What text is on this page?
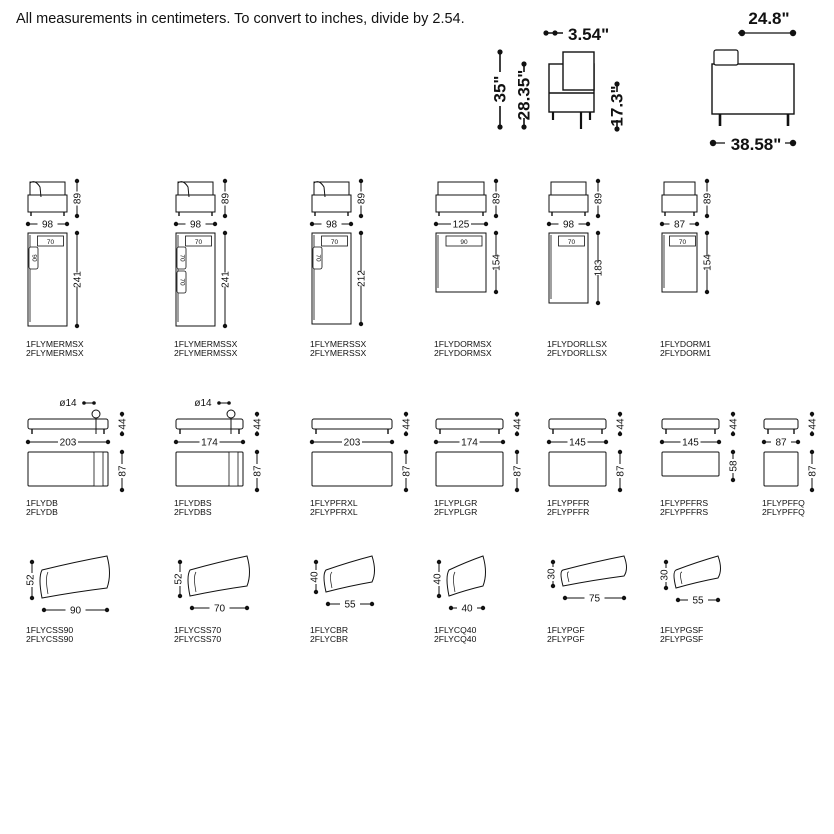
All measurements in centimeters. To convert to inches, divide by 2.54.
3.54"
35" 28.35"	17.3"
24.8"
38.58"
89
98
70
90
241
1FLYMERMSX
2FLYMERMSX
89
98
70
70
70	241
1FLYMERMSSX
2FLYMERMSSX
89
98
70
70
212
1FLYMERSSX
2FLYMERSSX
89
125
90
154
1FLYDORMSX
2FLYDORMSX
89
98
70
183
1FLYDORLLSX
2FLYDORLLSX
89
87
70
154
1FLYDORM1
2FLYDORM1
ø14
44
203
87
1FLYDB
2FLYDB
ø14
44
174
87
1FLYDBS
2FLYDBS
44
203
87
1FLYPFRXL
2FLYPFRXL
44
174
87
1FLYPLGR
2FLYPLGR
44
145
87
1FLYPFFR
2FLYPFFR
44
145
58
1FLYPFFRS
2FLYPFFRS
44
87
87
1FLYPFFQ
2FLYPFFQ
52
90
1FLYCSS90
2FLYCSS90
52
70
1FLYCSS70
2FLYCSS70
40
55
1FLYCBR
2FLYCBR
40
40
1FLYCQ40
2FLYCQ40
30
75
1FLYPGF
2FLYPGF
30
55
1FLYPGSF
2FLYPGSF
